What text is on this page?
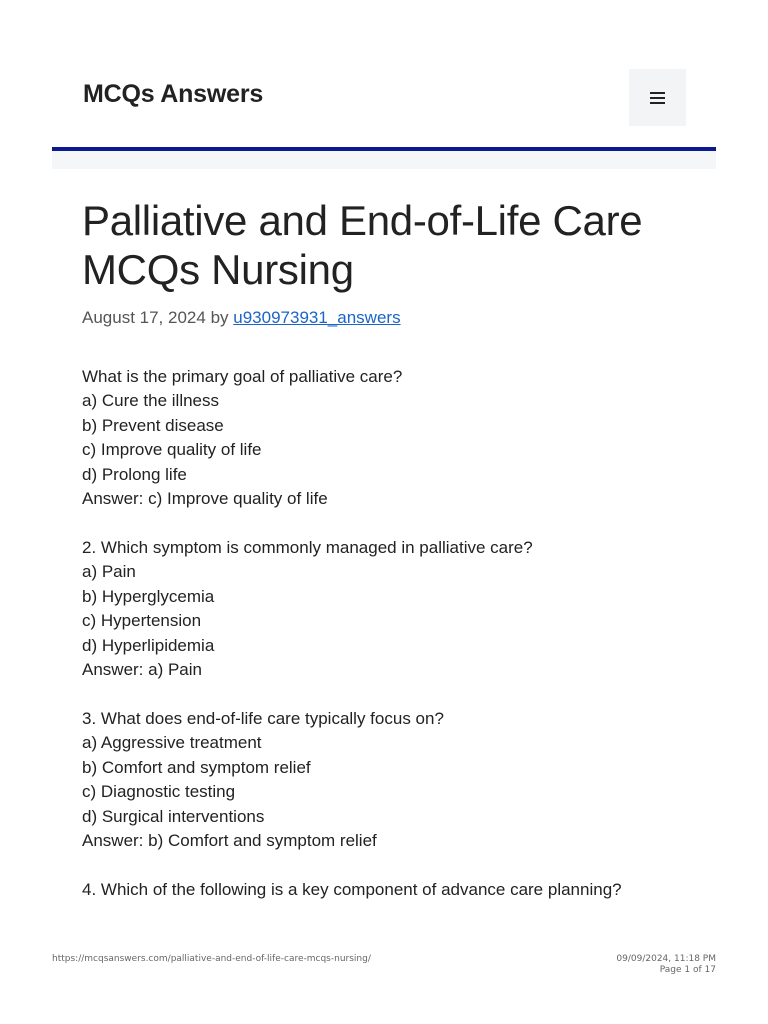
MCQs Answers
Palliative and End-of-Life Care MCQs Nursing
August 17, 2024 by u930973931_answers
What is the primary goal of palliative care?
a) Cure the illness
b) Prevent disease
c) Improve quality of life
d) Prolong life
Answer: c) Improve quality of life
2. Which symptom is commonly managed in palliative care?
a) Pain
b) Hyperglycemia
c) Hypertension
d) Hyperlipidemia
Answer: a) Pain
3. What does end-of-life care typically focus on?
a) Aggressive treatment
b) Comfort and symptom relief
c) Diagnostic testing
d) Surgical interventions
Answer: b) Comfort and symptom relief
4. Which of the following is a key component of advance care planning?
https://mcqsanswers.com/palliative-and-end-of-life-care-mcqs-nursing/	09/09/2024, 11:18 PM
Page 1 of 17
